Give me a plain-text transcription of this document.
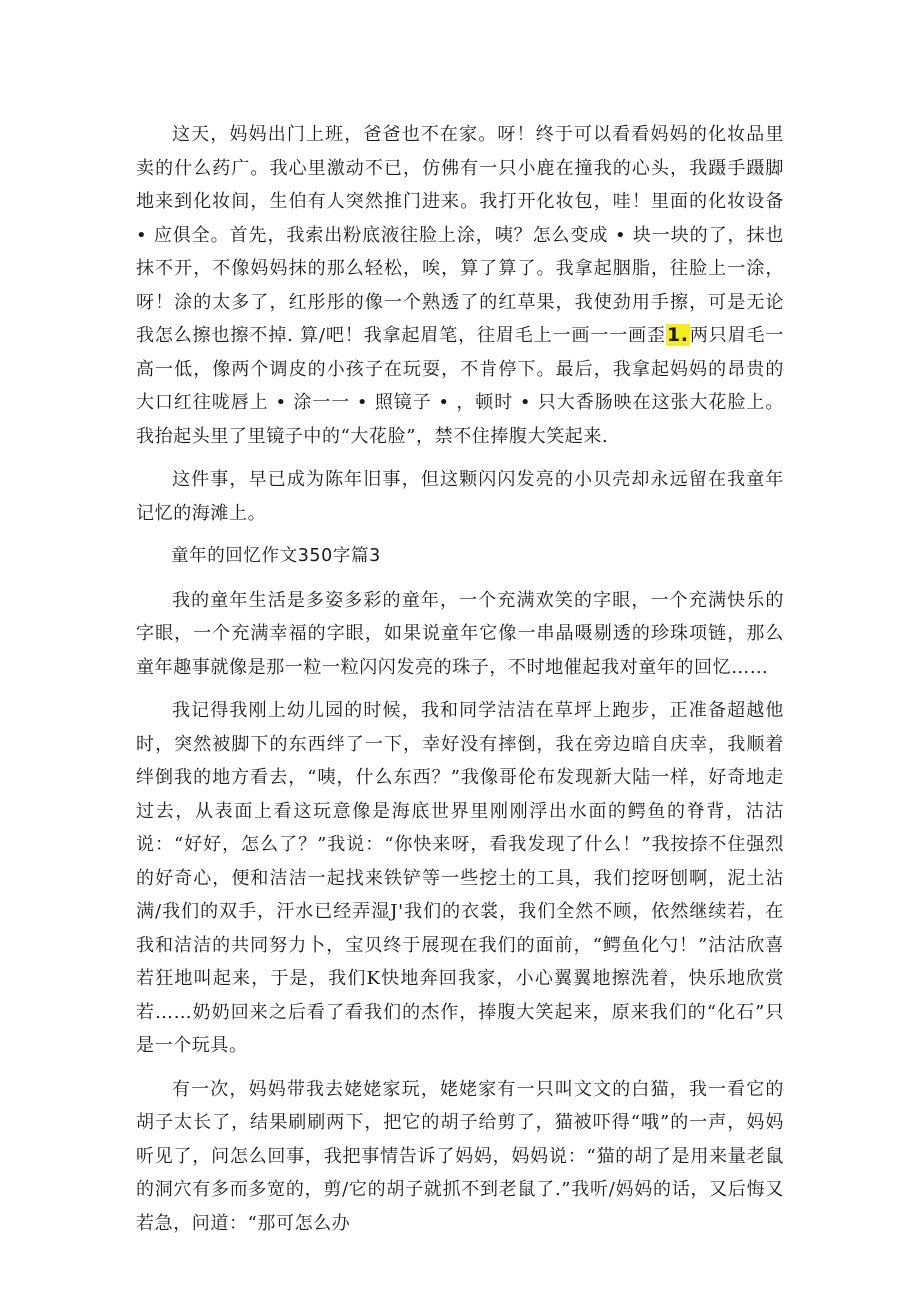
这天，妈妈出门上班，爸爸也不在家。呀！终于可以看看妈妈的化妆品里卖的什么药广。我心里激动不已，仿佛有一只小鹿在撞我的心头，我蹑手蹑脚地来到化妆间，生伯有人突然推门进来。我打开化妆包，哇！里面的化妆设备 • 应俱全。首先，我索出粉底液往脸上涂，咦？怎么变成 • 块一块的了，抹也抹不开，不像妈妈抹的那么轻松，唉，算了算了。我拿起胭脂，往脸上一涂，呀！涂的太多了，红彤彤的像一个熟透了的红草果，我使劲用手擦，可是无论我怎么擦也擦不掉. 算/吧！我拿起眉笔，往眉毛上一画一一画歪1.两只眉毛一高一低，像两个调皮的小孩子在玩耍，不肯停下。最后，我拿起妈妈的昂贵的大口红往咙唇上 • 涂一一 • 照镜子 • ，顿时 • 只大香肠映在这张大花脸上。我抬起头里了里镜子中的“大花脸”，禁不住捧腹大笑起来.

这件事，早已成为陈年旧事，但这颗闪闪发亮的小贝壳却永远留在我童年记忆的海滩上。

童年的回忆作文350字篇3

我的童年生活是多姿多彩的童年，一个充满欢笑的字眼，一个充满快乐的字眼，一个充满幸福的字眼，如果说童年它像一串晶嗫剔透的珍珠项链，那么童年趣事就像是那一粒一粒闪闪发亮的珠子，不时地催起我对童年的回忆……

我记得我刚上幼儿园的时候，我和同学洁洁在草坪上跑步，正准备超越他时，突然被脚下的东西绊了一下，幸好没有摔倒，我在旁边暗自庆幸，我顺着绊倒我的地方看去，“咦，什么东西？”我像哥伦布发现新大陆一样，好奇地走过去，从表面上看这玩意像是海底世界里刚刚浮出水面的鳄鱼的脊背，沽沽说：“好好，怎么了？”我说：“你快来呀，看我发现了什么！”我按捺不住强烈的好奇心，便和洁洁一起找来铁铲等一些挖土的工具，我们挖呀刨啊，泥土沾满/我们的双手，汗水已经弄湿J'我们的衣裳，我们全然不顾，依然继续若，在我和洁洁的共同努力卜，宝贝终于展现在我们的面前，“鳄鱼化勺！”沽沽欣喜若狂地叫起来，于是，我们K快地奔回我家，小心翼翼地擦洗着，快乐地欣赏若……奶奶回来之后看了看我们的杰作，捧腹大笑起来，原来我们的“化石”只是一个玩具。

有一次，妈妈带我去姥姥家玩，姥姥家有一只叫文文的白猫，我一看它的胡子太长了，结果刷刷两下，把它的胡子给剪了，猫被吓得“哦”的一声，妈妈听见了，问怎么回事，我把事情告诉了妈妈，妈妈说：“猫的胡了是用来量老鼠的洞穴有多而多宽的，剪/它的胡子就抓不到老鼠了.”我听/妈妈的话，又后悔又若急，问道：“那可怎么办
